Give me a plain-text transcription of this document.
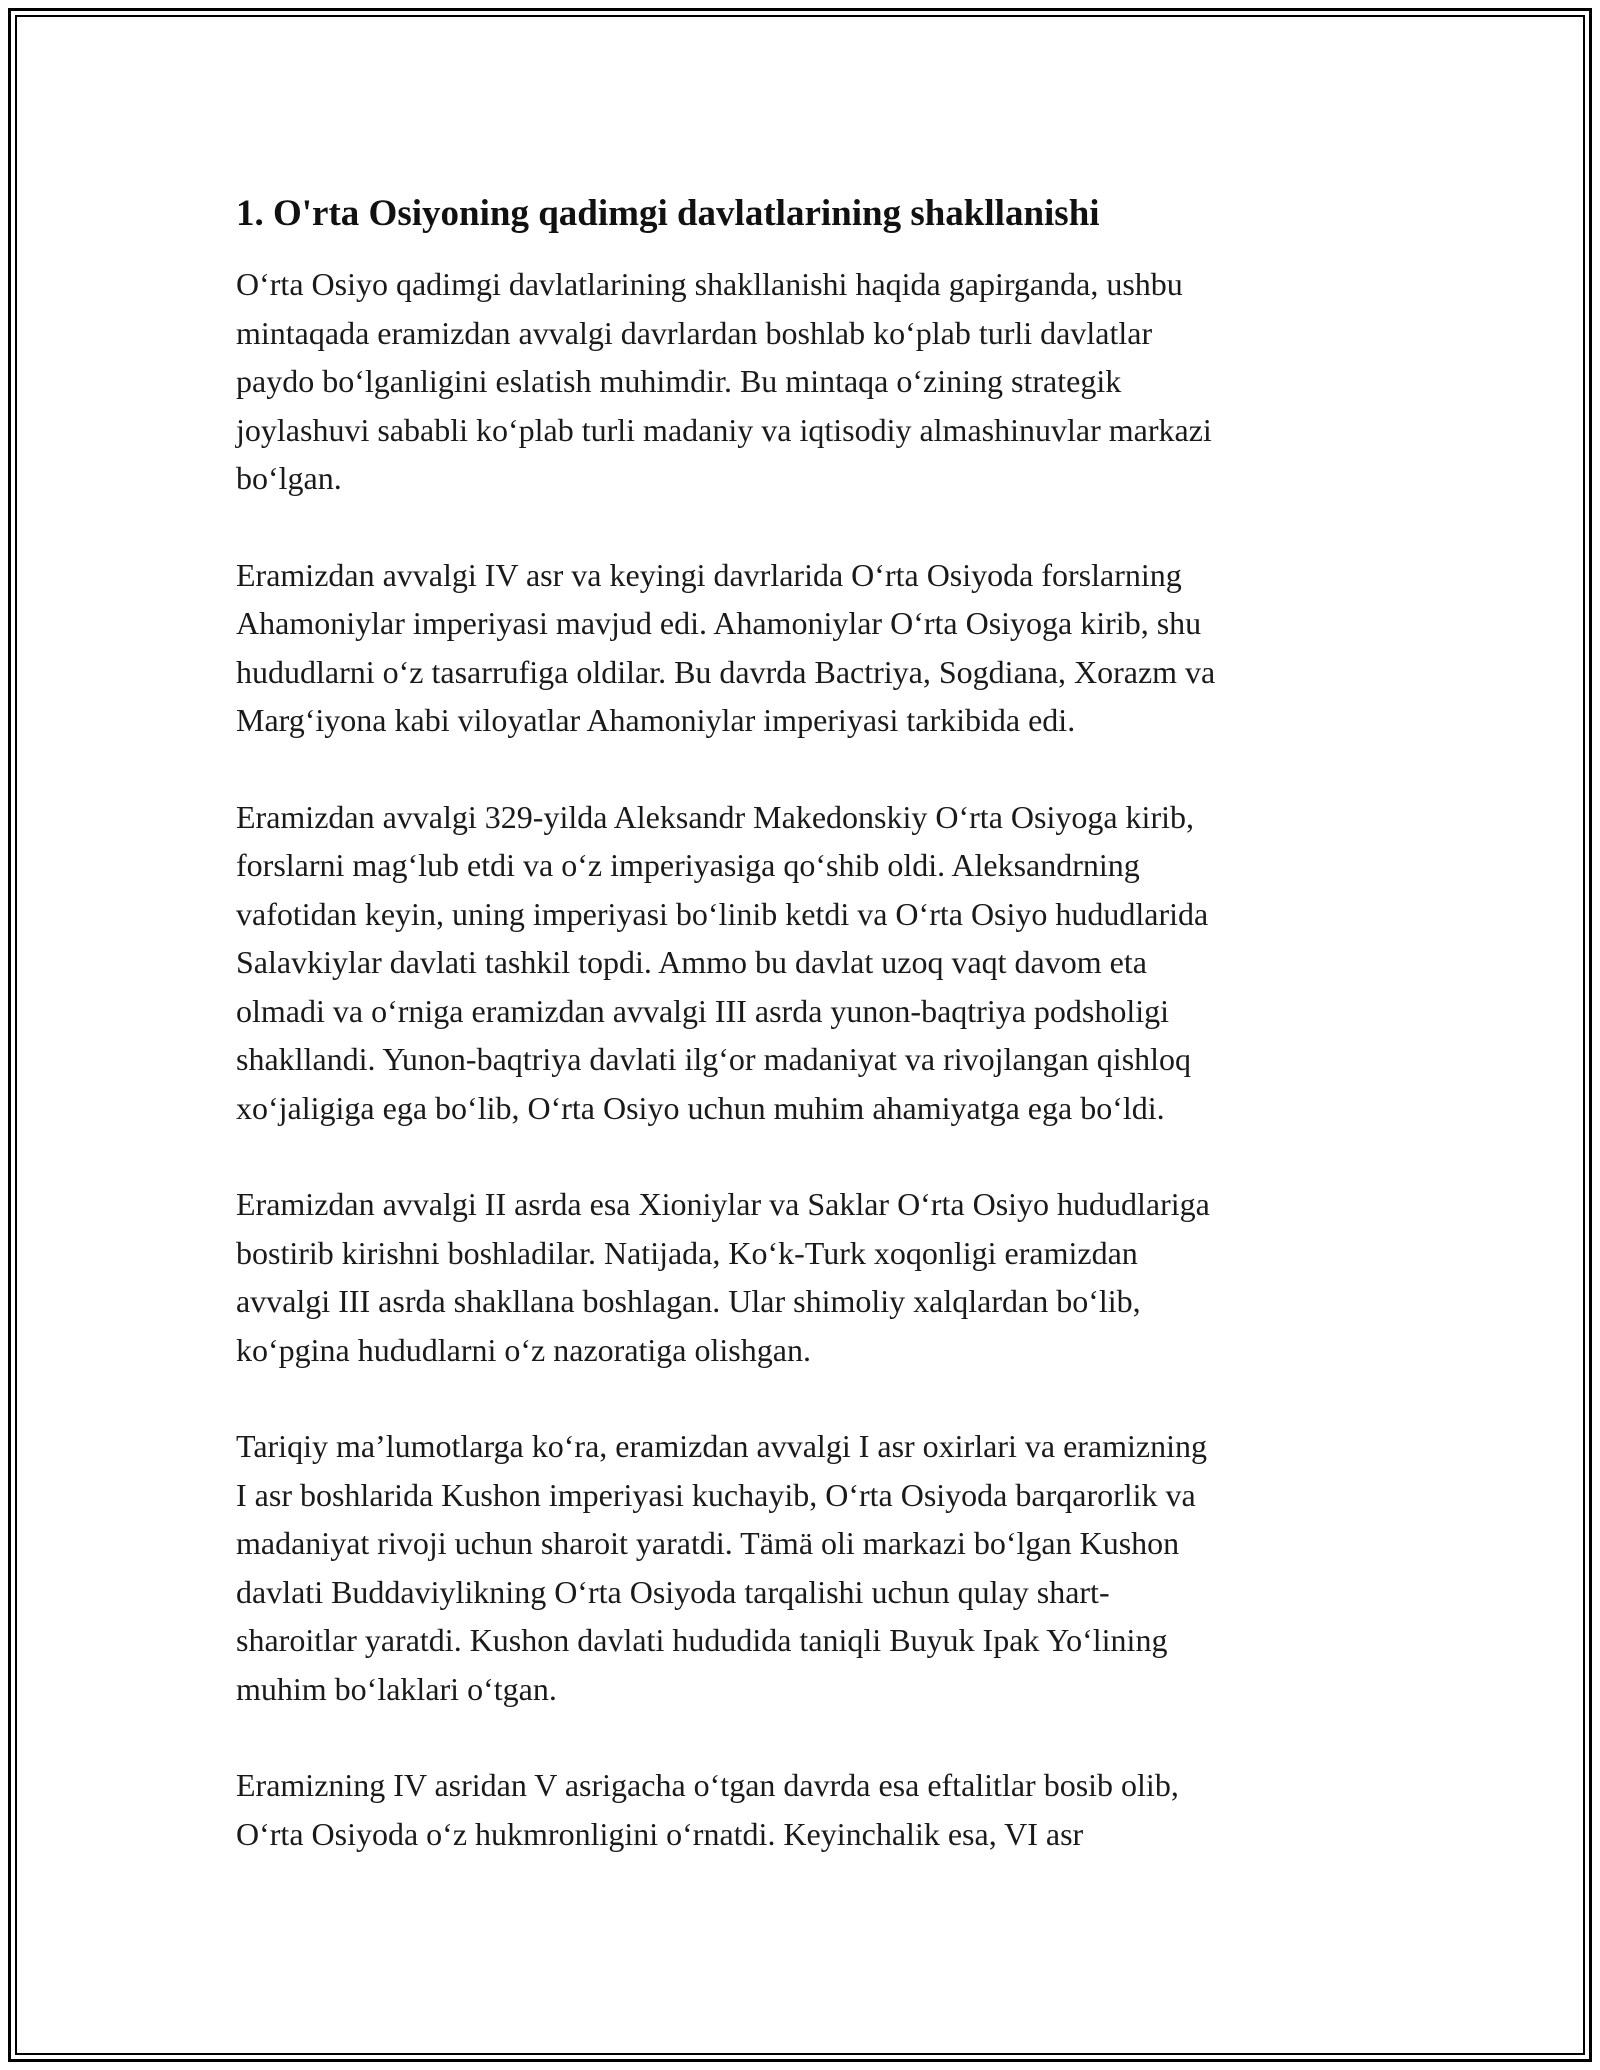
1. O'rta Osiyoning qadimgi davlatlarining shakllanishi

O‘rta Osiyo qadimgi davlatlarining shakllanishi haqida gapirganda, ushbu
mintaqada eramizdan avvalgi davrlardan boshlab ko‘plab turli davlatlar
paydo bo‘lganligini eslatish muhimdir. Bu mintaqa o‘zining strategik
joylashuvi sababli ko‘plab turli madaniy va iqtisodiy almashinuvlar markazi
bo‘lgan.

Eramizdan avvalgi IV asr va keyingi davrlarida O‘rta Osiyoda forslarning
Ahamoniylar imperiyasi mavjud edi. Ahamoniylar O‘rta Osiyoga kirib, shu
hududlarni o‘z tasarrufiga oldilar. Bu davrda Bactriya, Sogdiana, Xorazm va
Marg‘iyona kabi viloyatlar Ahamoniylar imperiyasi tarkibida edi.

Eramizdan avvalgi 329-yilda Aleksandr Makedonskiy O‘rta Osiyoga kirib,
forslarni mag‘lub etdi va o‘z imperiyasiga qo‘shib oldi. Aleksandrning
vafotidan keyin, uning imperiyasi bo‘linib ketdi va O‘rta Osiyo hududlarida
Salavkiylar davlati tashkil topdi. Ammo bu davlat uzoq vaqt davom eta
olmadi va o‘rniga eramizdan avvalgi III asrda yunon-baqtriya podsholigi
shakllandi. Yunon-baqtriya davlati ilg‘or madaniyat va rivojlangan qishloq
xo‘jaligiga ega bo‘lib, O‘rta Osiyo uchun muhim ahamiyatga ega bo‘ldi.

Eramizdan avvalgi II asrda esa Xioniylar va Saklar O‘rta Osiyo hududlariga
bostirib kirishni boshladilar. Natijada, Ko‘k-Turk xoqonligi eramizdan
avvalgi III asrda shakllana boshlagan. Ular shimoliy xalqlardan bo‘lib,
ko‘pgina hududlarni o‘z nazoratiga olishgan.

Tariqiy ma’lumotlarga ko‘ra, eramizdan avvalgi I asr oxirlari va eramizning
I asr boshlarida Kushon imperiyasi kuchayib, O‘rta Osiyoda barqarorlik va
madaniyat rivoji uchun sharoit yaratdi. Tämä oli markazi bo‘lgan Kushon
davlati Buddaviylikning O‘rta Osiyoda tarqalishi uchun qulay shart-
sharoitlar yaratdi. Kushon davlati hududida taniqli Buyuk Ipak Yo‘lining
muhim bo‘laklari o‘tgan.

Eramizning IV asridan V asrigacha o‘tgan davrda esa eftalitlar bosib olib,
O‘rta Osiyoda o‘z hukmronligini o‘rnatdi. Keyinchalik esa, VI asr
